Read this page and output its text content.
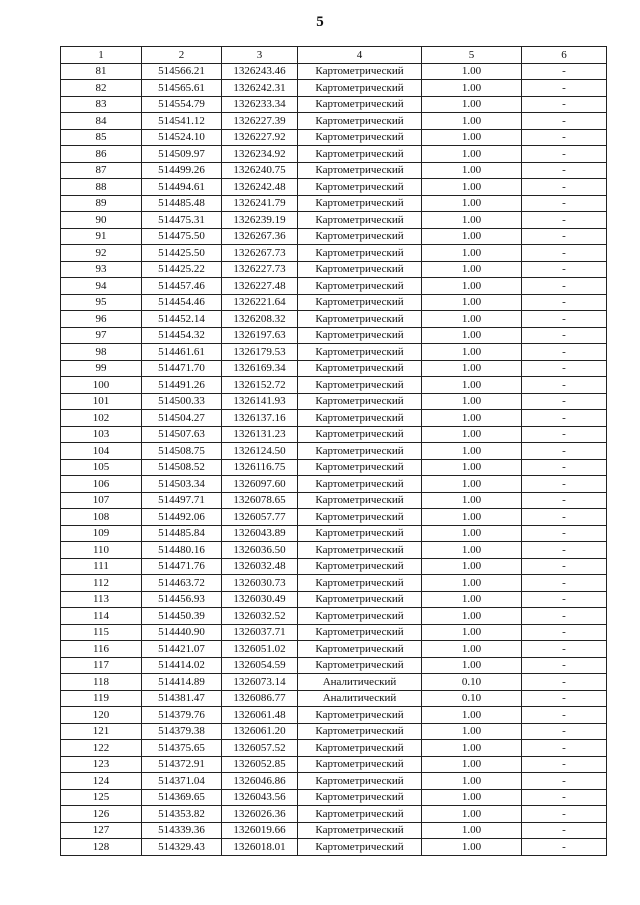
5
1	2	3	4	5	6
81	514566.21	1326243.46	Картометрический	1.00	-
82	514565.61	1326242.31	Картометрический	1.00	-
83	514554.79	1326233.34	Картометрический	1.00	-
84	514541.12	1326227.39	Картометрический	1.00	-
85	514524.10	1326227.92	Картометрический	1.00	-
86	514509.97	1326234.92	Картометрический	1.00	-
87	514499.26	1326240.75	Картометрический	1.00	-
88	514494.61	1326242.48	Картометрический	1.00	-
89	514485.48	1326241.79	Картометрический	1.00	-
90	514475.31	1326239.19	Картометрический	1.00	-
91	514475.50	1326267.36	Картометрический	1.00	-
92	514425.50	1326267.73	Картометрический	1.00	-
93	514425.22	1326227.73	Картометрический	1.00	-
94	514457.46	1326227.48	Картометрический	1.00	-
95	514454.46	1326221.64	Картометрический	1.00	-
96	514452.14	1326208.32	Картометрический	1.00	-
97	514454.32	1326197.63	Картометрический	1.00	-
98	514461.61	1326179.53	Картометрический	1.00	-
99	514471.70	1326169.34	Картометрический	1.00	-
100	514491.26	1326152.72	Картометрический	1.00	-
101	514500.33	1326141.93	Картометрический	1.00	-
102	514504.27	1326137.16	Картометрический	1.00	-
103	514507.63	1326131.23	Картометрический	1.00	-
104	514508.75	1326124.50	Картометрический	1.00	-
105	514508.52	1326116.75	Картометрический	1.00	-
106	514503.34	1326097.60	Картометрический	1.00	-
107	514497.71	1326078.65	Картометрический	1.00	-
108	514492.06	1326057.77	Картометрический	1.00	-
109	514485.84	1326043.89	Картометрический	1.00	-
110	514480.16	1326036.50	Картометрический	1.00	-
111	514471.76	1326032.48	Картометрический	1.00	-
112	514463.72	1326030.73	Картометрический	1.00	-
113	514456.93	1326030.49	Картометрический	1.00	-
114	514450.39	1326032.52	Картометрический	1.00	-
115	514440.90	1326037.71	Картометрический	1.00	-
116	514421.07	1326051.02	Картометрический	1.00	-
117	514414.02	1326054.59	Картометрический	1.00	-
118	514414.89	1326073.14	Аналитический	0.10	-
119	514381.47	1326086.77	Аналитический	0.10	-
120	514379.76	1326061.48	Картометрический	1.00	-
121	514379.38	1326061.20	Картометрический	1.00	-
122	514375.65	1326057.52	Картометрический	1.00	-
123	514372.91	1326052.85	Картометрический	1.00	-
124	514371.04	1326046.86	Картометрический	1.00	-
125	514369.65	1326043.56	Картометрический	1.00	-
126	514353.82	1326026.36	Картометрический	1.00	-
127	514339.36	1326019.66	Картометрический	1.00	-
128	514329.43	1326018.01	Картометрический	1.00	-
